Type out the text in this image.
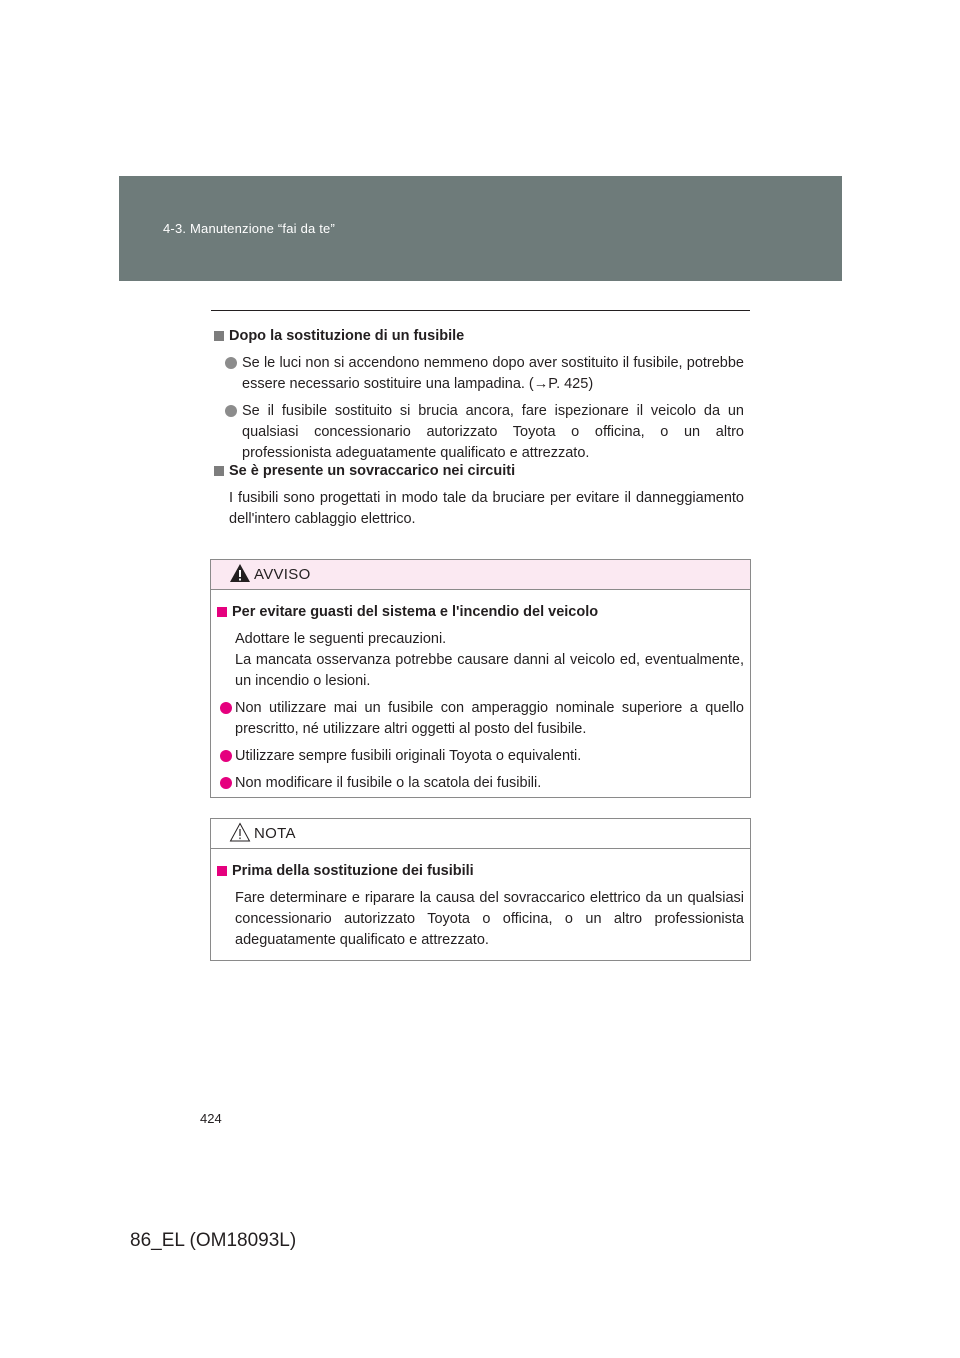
4-3. Manutenzione “fai da te”
Dopo la sostituzione di un fusibile
Se le luci non si accendono nemmeno dopo aver sostituito il fusibile, potrebbe essere necessario sostituire una lampadina. (→P. 425)
Se il fusibile sostituito si brucia ancora, fare ispezionare il veicolo da un qualsiasi concessionario autorizzato Toyota o officina, o un altro professionista adeguatamente qualificato e attrezzato.
Se è presente un sovraccarico nei circuiti
I fusibili sono progettati in modo tale da bruciare per evitare il danneggiamento dell'intero cablaggio elettrico.
AVVISO
Per evitare guasti del sistema e l'incendio del veicolo
Adottare le seguenti precauzioni.
La mancata osservanza potrebbe causare danni al veicolo ed, eventualmente, un incendio o lesioni.
Non utilizzare mai un fusibile con amperaggio nominale superiore a quello prescritto, né utilizzare altri oggetti al posto del fusibile.
Utilizzare sempre fusibili originali Toyota o equivalenti.
Non modificare il fusibile o la scatola dei fusibili.
NOTA
Prima della sostituzione dei fusibili
Fare determinare e riparare la causa del sovraccarico elettrico da un qualsiasi concessionario autorizzato Toyota o officina, o un altro professionista adeguatamente qualificato e attrezzato.
424
86_EL (OM18093L)
